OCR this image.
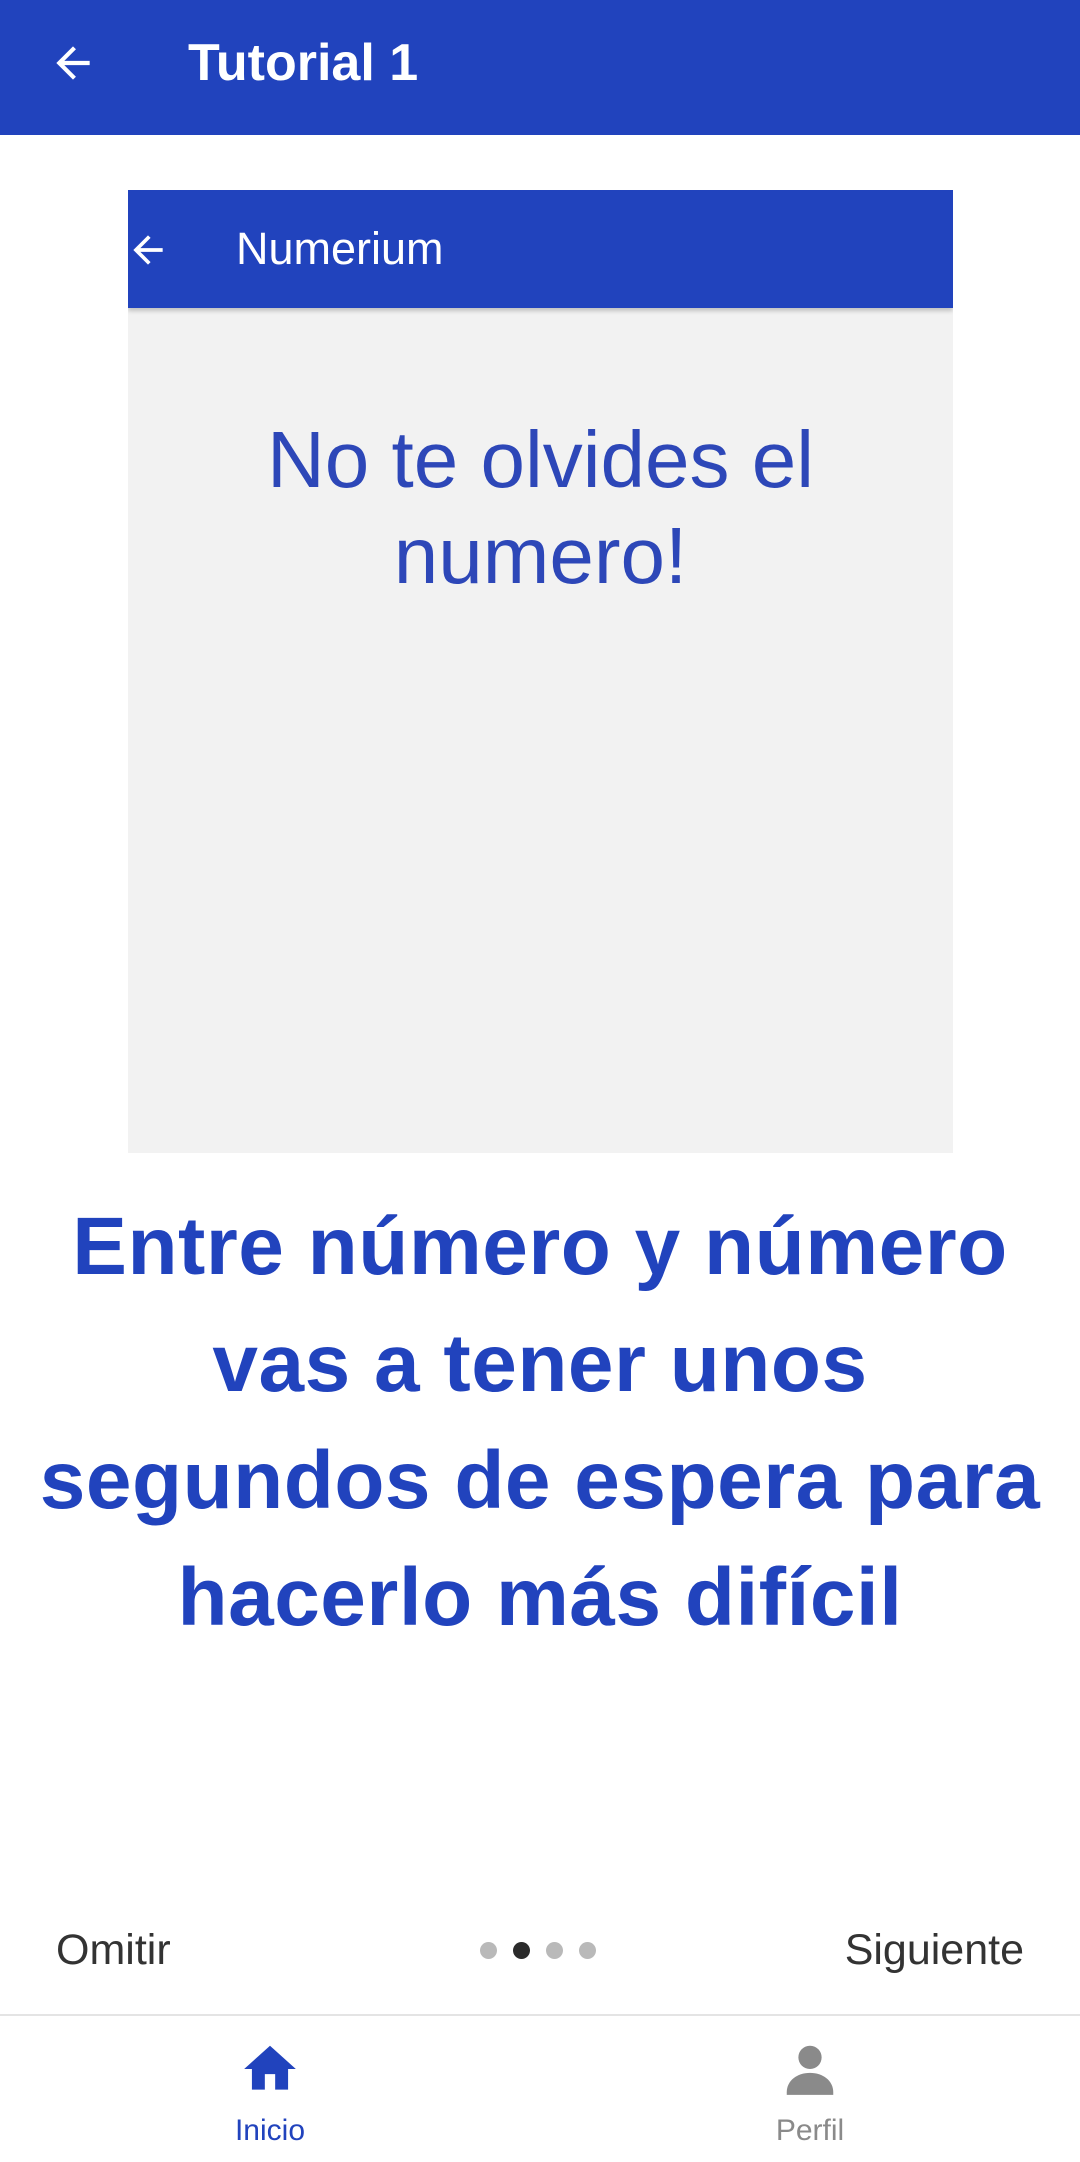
Tutorial 1
Numerium
No te olvides el numero!
Entre número y número vas a tener unos segundos de espera para hacerlo más difícil
Omitir	Siguiente
Inicio	Perfil
